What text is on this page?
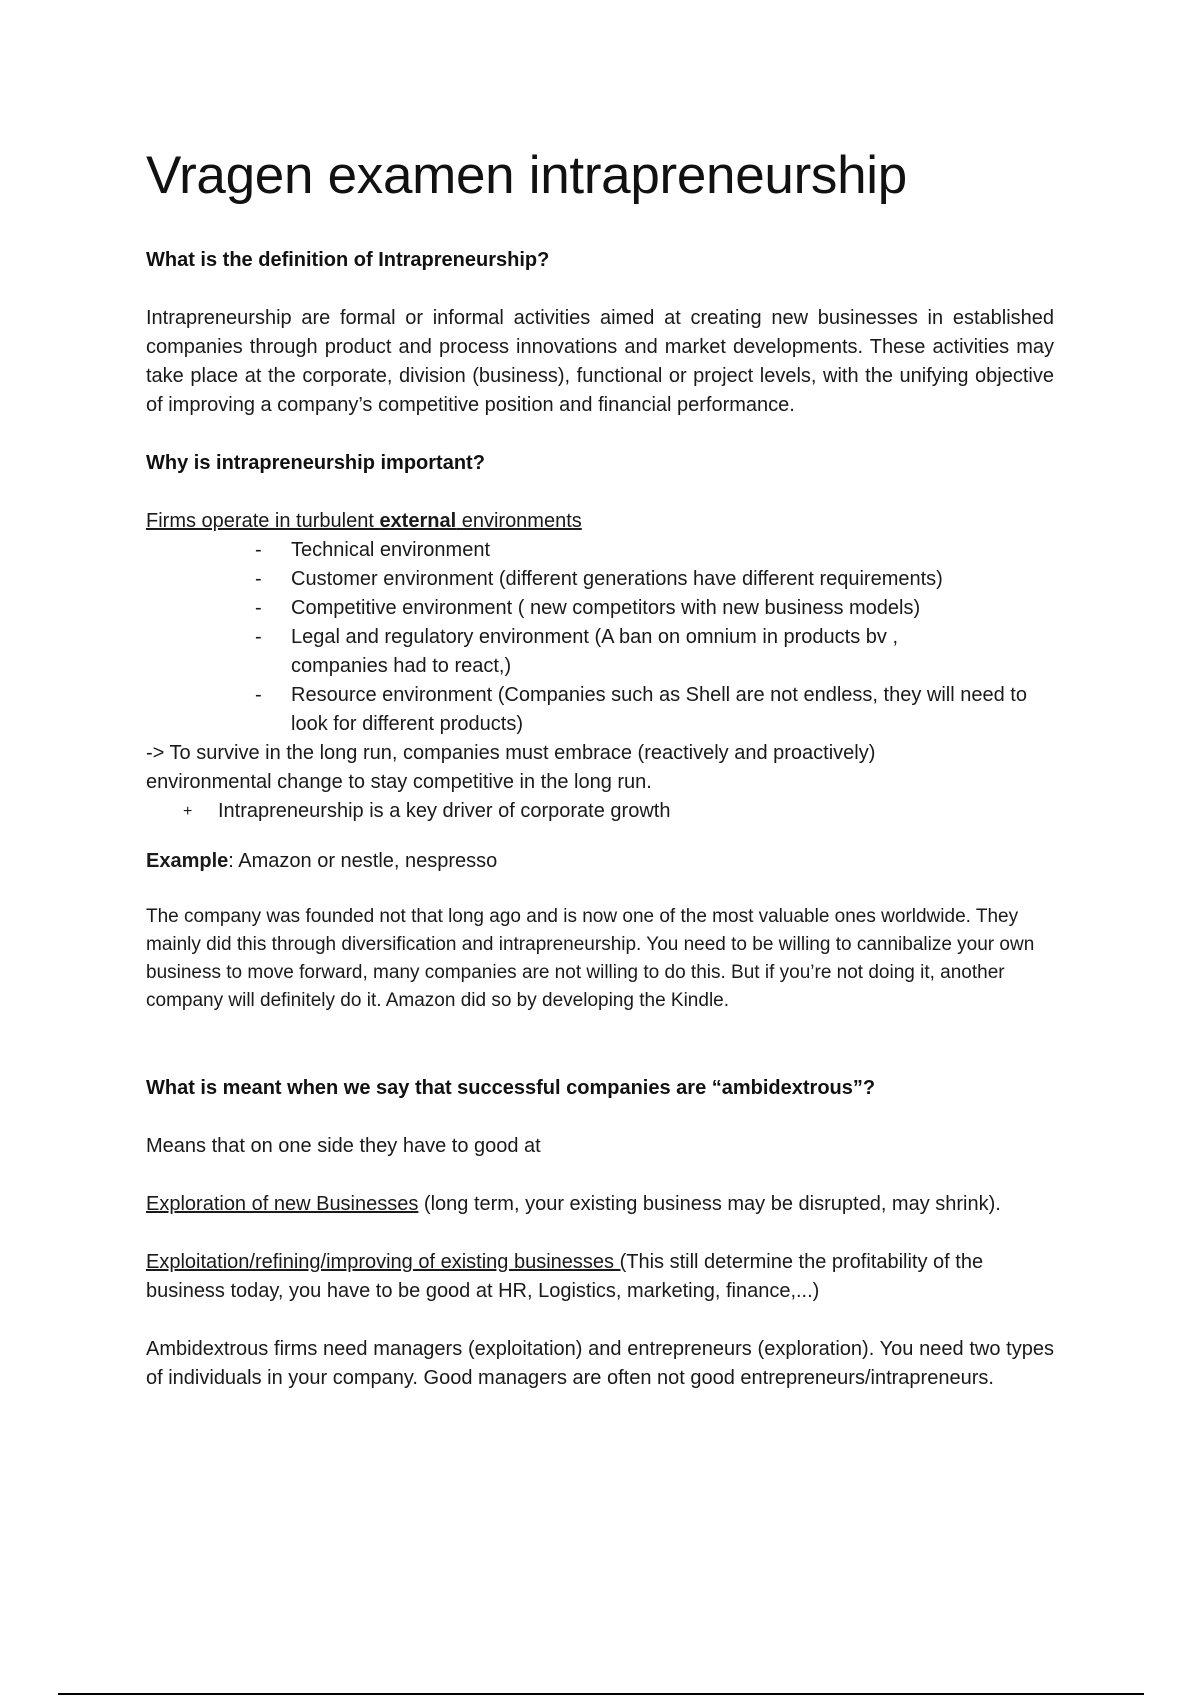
Vragen examen intrapreneurship

What is the definition of Intrapreneurship?

Intrapreneurship are formal or informal activities aimed at creating new businesses in established companies through product and process innovations and market developments. These activities may take place at the corporate, division (business), functional or project levels, with the unifying objective of improving a company’s competitive position and financial performance.

Why is intrapreneurship important?

Firms operate in turbulent external environments

- Technical environment
- Customer environment (different generations have different requirements)
- Competitive environment ( new competitors with new business models)
- Legal and regulatory environment (A ban on omnium in products bv , companies had to react,)
- Resource environment (Companies such as Shell are not endless, they will need to look for different products)

-> To survive in the long run, companies must embrace (reactively and proactively) environmental change to stay competitive in the long run.

+ Intrapreneurship is a key driver of corporate growth

Example: Amazon or nestle, nespresso

The company was founded not that long ago and is now one of the most valuable ones worldwide. They mainly did this through diversification and intrapreneurship. You need to be willing to cannibalize your own business to move forward, many companies are not willing to do this. But if you’re not doing it, another company will definitely do it. Amazon did so by developing the Kindle.

What is meant when we say that successful companies are “ambidextrous”?

Means that on one side they have to good at

Exploration of new Businesses (long term, your existing business may be disrupted, may shrink).

Exploitation/refining/improving of existing businesses (This still determine the profitability of the business today, you have to be good at HR, Logistics, marketing, finance,...)

Ambidextrous firms need managers (exploitation) and entrepreneurs (exploration). You need two types of individuals in your company. Good managers are often not good entrepreneurs/intrapreneurs.
